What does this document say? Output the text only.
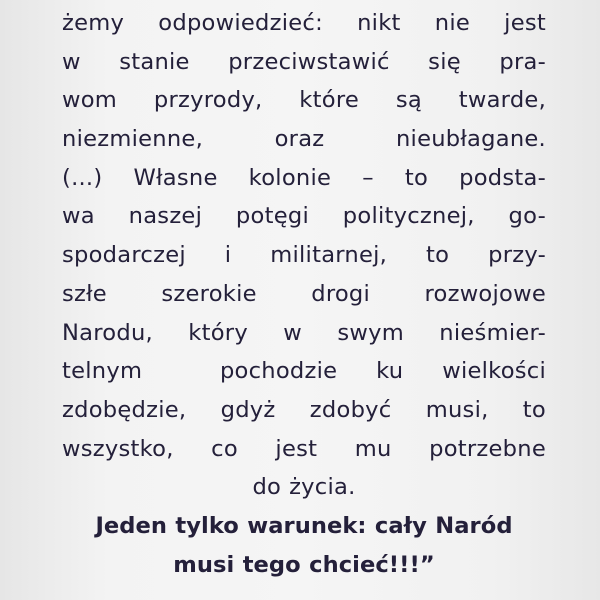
żemy odpowiedzieć: nikt nie jest
w stanie przeciwstawić się pra-
wom przyrody, które są twarde,
niezmienne, oraz nieubłagane.
(...) Własne kolonie – to podsta-
wa naszej potęgi politycznej, go-
spodarczej i militarnej, to przy-
szłe szerokie drogi rozwojowe
Narodu, który w swym nieśmier-
telnym  pochodzie ku wielkości
zdobędzie, gdyż zdobyć musi, to
wszystko, co jest mu potrzebne
do życia.
Jeden tylko warunek: cały Naród
musi tego chcieć!!!”
